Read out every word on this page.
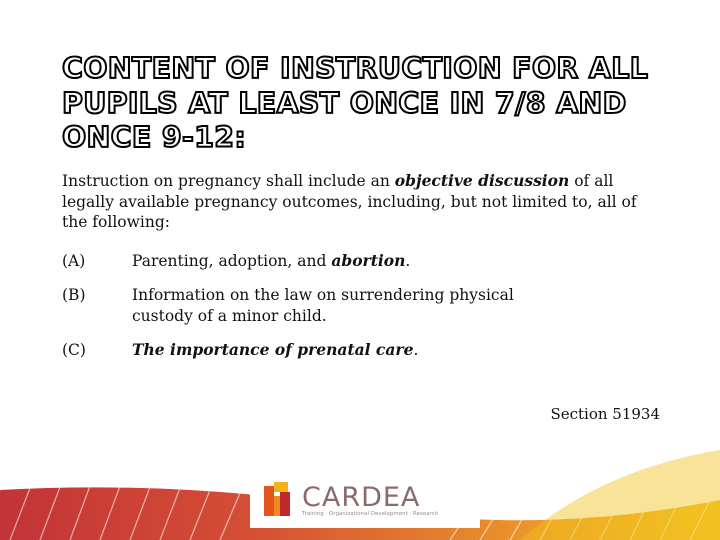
CONTENT OF INSTRUCTION FOR ALL
PUPILS AT LEAST ONCE IN 7/8 AND
ONCE 9-12:
Instruction on pregnancy shall include an objective discussion of all legally available pregnancy outcomes, including, but not limited to, all of the following:
(A)	Parenting, adoption, and abortion.
(B)	Information on the law on surrendering physical custody of a minor child.
(C)	The importance of prenatal care.
Section 51934
CARDEA
Training · Organizational Development · Research
